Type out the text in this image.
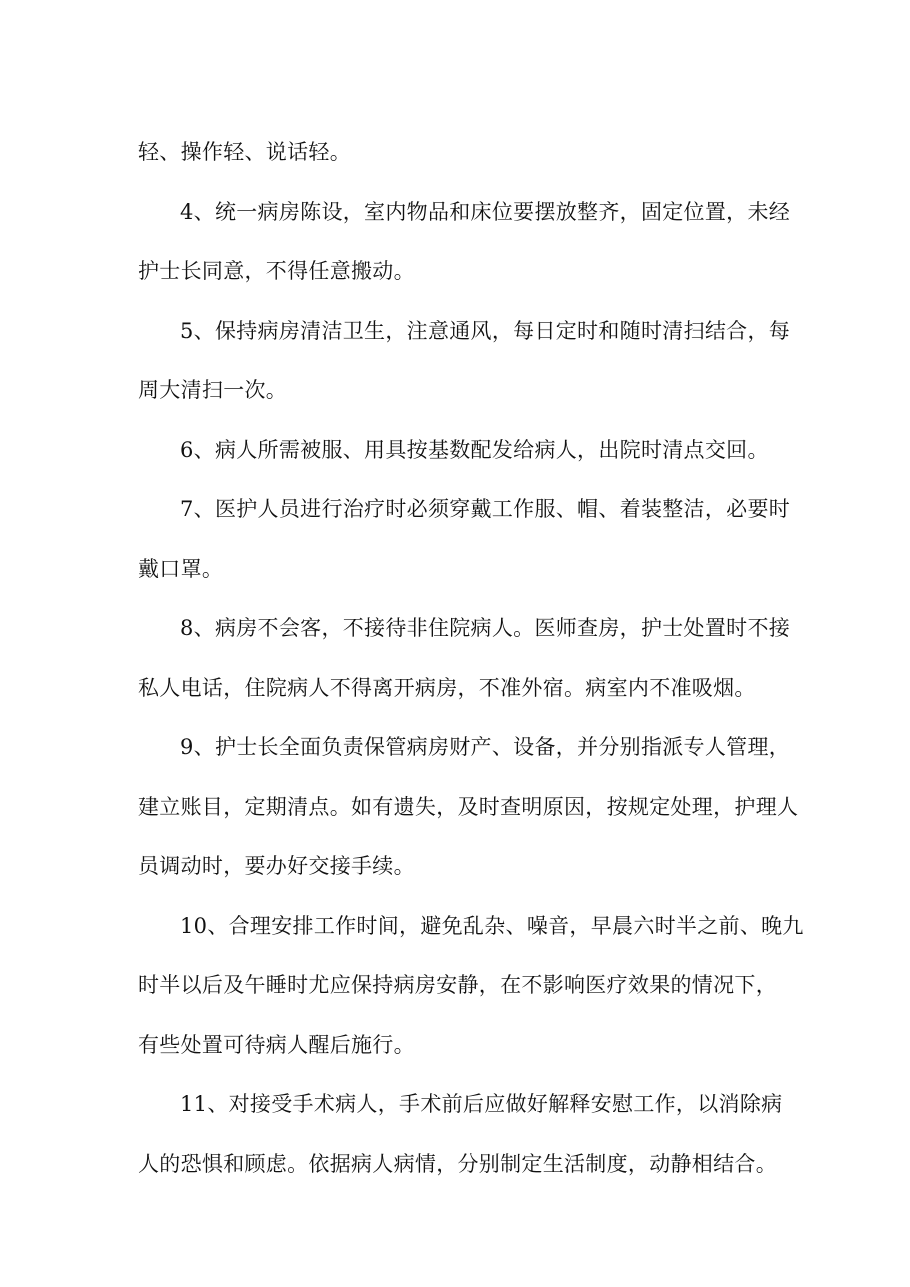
轻、操作轻、说话轻。
4、统一病房陈设，室内物品和床位要摆放整齐，固定位置，未经
护士长同意，不得任意搬动。
5、保持病房清洁卫生，注意通风，每日定时和随时清扫结合，每
周大清扫一次。
6、病人所需被服、用具按基数配发给病人，出院时清点交回。
7、医护人员进行治疗时必须穿戴工作服、帽、着装整洁，必要时
戴口罩。
8、病房不会客，不接待非住院病人。医师查房，护士处置时不接
私人电话，住院病人不得离开病房，不准外宿。病室内不准吸烟。
9、护士长全面负责保管病房财产、设备，并分别指派专人管理，
建立账目，定期清点。如有遗失，及时查明原因，按规定处理，护理人
员调动时，要办好交接手续。
10、合理安排工作时间，避免乱杂、噪音，早晨六时半之前、晚九
时半以后及午睡时尤应保持病房安静，在不影响医疗效果的情况下，
有些处置可待病人醒后施行。
11、对接受手术病人，手术前后应做好解释安慰工作，以消除病
人的恐惧和顾虑。依据病人病情，分别制定生活制度，动静相结合。
